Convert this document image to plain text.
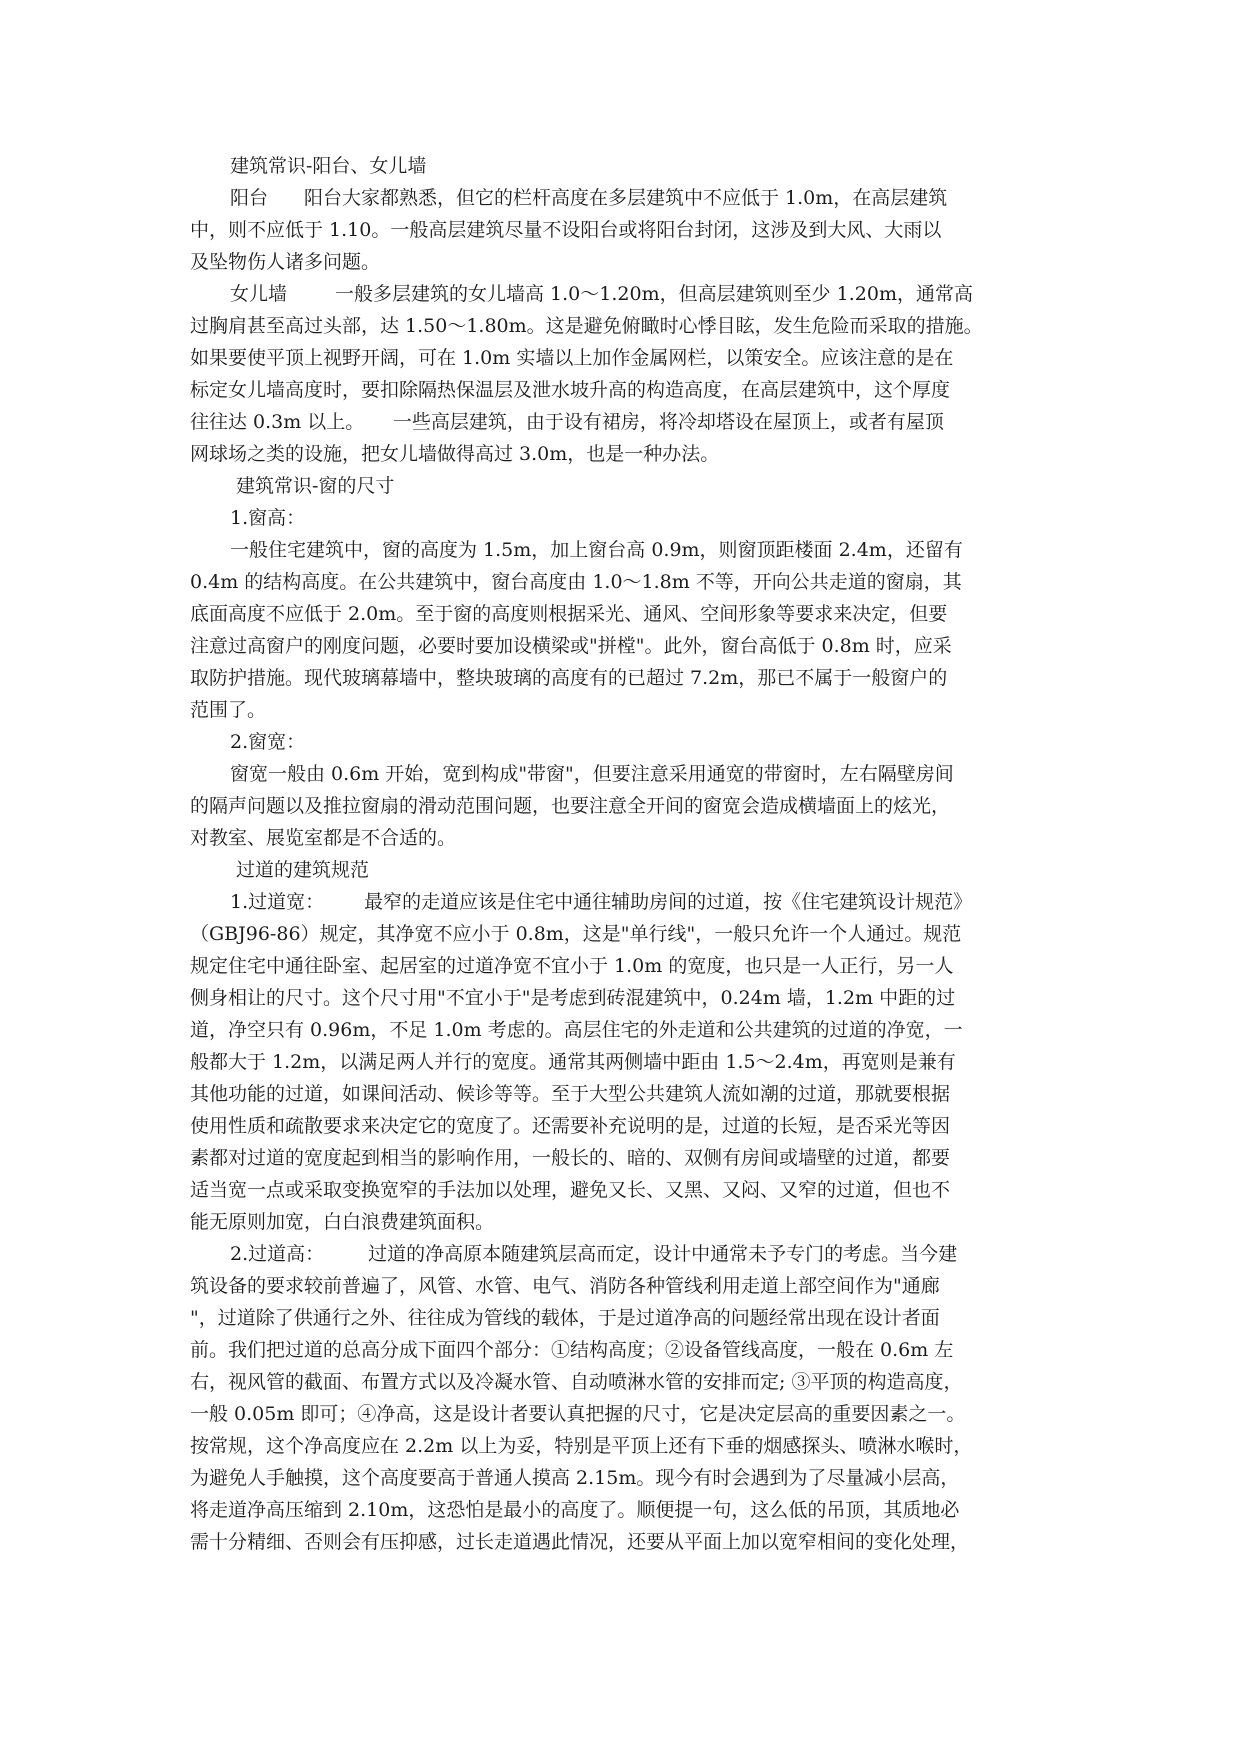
建筑常识-阳台、女儿墙
阳台 阳台大家都熟悉，但它的栏杆高度在多层建筑中不应低于 1.0m，在高层建筑
中，则不应低于 1.10。一般高层建筑尽量不设阳台或将阳台封闭，这涉及到大风、大雨以
及坠物伤人诸多问题。
女儿墙	一般多层建筑的女儿墙高 1.0～1.20m，但高层建筑则至少 1.20m，通常高
过胸肩甚至高过头部，达 1.50～1.80m。这是避免俯瞰时心悸目眩，发生危险而采取的措施。
如果要使平顶上视野开阔，可在 1.0m 实墙以上加作金属网栏，以策安全。应该注意的是在
标定女儿墙高度时，要扣除隔热保温层及泄水坡升高的构造高度，在高层建筑中，这个厚度
往往达 0.3m 以上。　　一些高层建筑，由于设有裙房，将冷却塔设在屋顶上，或者有屋顶
网球场之类的设施，把女儿墙做得高过 3.0m，也是一种办法。
建筑常识-窗的尺寸
1.窗高：
一般住宅建筑中，窗的高度为 1.5m，加上窗台高 0.9m，则窗顶距楼面 2.4m，还留有
0.4m 的结构高度。在公共建筑中，窗台高度由 1.0～1.8m 不等，开向公共走道的窗扇，其
底面高度不应低于 2.0m。至于窗的高度则根据采光、通风、空间形象等要求来决定，但要
注意过高窗户的刚度问题，必要时要加设横梁或"拼樘"。此外，窗台高低于 0.8m 时，应采
取防护措施。现代玻璃幕墙中，整块玻璃的高度有的已超过 7.2m，那已不属于一般窗户的
范围了。
2.窗宽：
窗宽一般由 0.6m 开始，宽到构成"带窗"，但要注意采用通宽的带窗时，左右隔壁房间
的隔声问题以及推拉窗扇的滑动范围问题，也要注意全开间的窗宽会造成横墙面上的炫光，
对教室、展览室都是不合适的。
过道的建筑规范
1.过道宽： 最窄的走道应该是住宅中通往辅助房间的过道，按《住宅建筑设计规范》
（GBJ96-86）规定，其净宽不应小于 0.8m，这是"单行线"，一般只允许一个人通过。规范
规定住宅中通往卧室、起居室的过道净宽不宜小于 1.0m 的宽度，也只是一人正行，另一人
侧身相让的尺寸。这个尺寸用"不宜小于"是考虑到砖混建筑中，0.24m 墙，1.2m 中距的过
道，净空只有 0.96m，不足 1.0m 考虑的。高层住宅的外走道和公共建筑的过道的净宽，一
般都大于 1.2m，以满足两人并行的宽度。通常其两侧墙中距由 1.5～2.4m，再宽则是兼有
其他功能的过道，如课间活动、候诊等等。至于大型公共建筑人流如潮的过道，那就要根据
使用性质和疏散要求来决定它的宽度了。还需要补充说明的是，过道的长短，是否采光等因
素都对过道的宽度起到相当的影响作用，一般长的、暗的、双侧有房间或墙壁的过道，都要
适当宽一点或采取变换宽窄的手法加以处理，避免又长、又黑、又闷、又窄的过道，但也不
能无原则加宽，白白浪费建筑面积。
2.过道高： 过道的净高原本随建筑层高而定，设计中通常未予专门的考虑。当今建
筑设备的要求较前普遍了，风管、水管、电气、消防各种管线利用走道上部空间作为"通廊
"，过道除了供通行之外、往往成为管线的载体，于是过道净高的问题经常出现在设计者面
前。我们把过道的总高分成下面四个部分：①结构高度；②设备管线高度，一般在 0.6m 左
右，视风管的截面、布置方式以及冷凝水管、自动喷淋水管的安排而定; ③平顶的构造高度，
一般 0.05m 即可；④净高，这是设计者要认真把握的尺寸，它是决定层高的重要因素之一。
按常规，这个净高度应在 2.2m 以上为妥，特别是平顶上还有下垂的烟感探头、喷淋水喉时，
为避免人手触摸，这个高度要高于普通人摸高 2.15m。现今有时会遇到为了尽量减小层高，
将走道净高压缩到 2.10m，这恐怕是最小的高度了。顺便提一句，这么低的吊顶，其质地必
需十分精细、否则会有压抑感，过长走道遇此情况，还要从平面上加以宽窄相间的变化处理，
